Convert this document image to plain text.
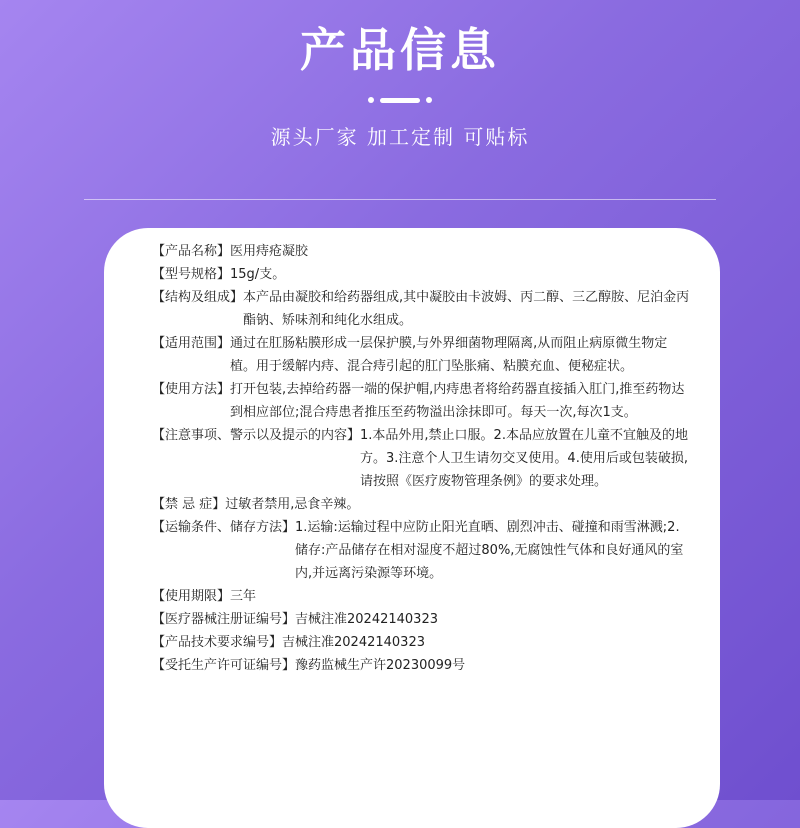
产品信息
源头厂家 加工定制 可贴标
【产品名称】 医用痔疮凝胶
【型号规格】 15g/支。
【结构及组成】 本产品由凝胶和给药器组成,其中凝胶由卡波姆、丙二醇、三乙醇胺、尼泊金丙酯钠、矫味剂和纯化水组成。
【适用范围】 通过在肛肠粘膜形成一层保护膜,与外界细菌物理隔离,从而阻止病原微生物定植。用于缓解内痔、混合痔引起的肛门坠胀痛、粘膜充血、便秘症状。
【使用方法】 打开包装,去掉给药器一端的保护帽,内痔患者将给药器直接插入肛门,推至药物达到相应部位;混合痔患者推压至药物溢出涂抹即可。每天一次,每次1支。
【注意事项、警示以及提示的内容】 1.本品外用,禁止口服。2.本品应放置在儿童不宜触及的地方。3.注意个人卫生请勿交叉使用。4.使用后或包装破损,请按照《医疗废物管理条例》的要求处理。
【禁 忌 症】 过敏者禁用,忌食辛辣。
【运输条件、储存方法】 1.运输:运输过程中应防止阳光直晒、剧烈冲击、碰撞和雨雪淋溅;2.储存:产品储存在相对湿度不超过80%,无腐蚀性气体和良好通风的室内,并远离污染源等环境。
【使用期限】 三年
【医疗器械注册证编号】 吉械注准20242140323
【产品技术要求编号】 吉械注准20242140323
【受托生产许可证编号】 豫药监械生产许20230099号
